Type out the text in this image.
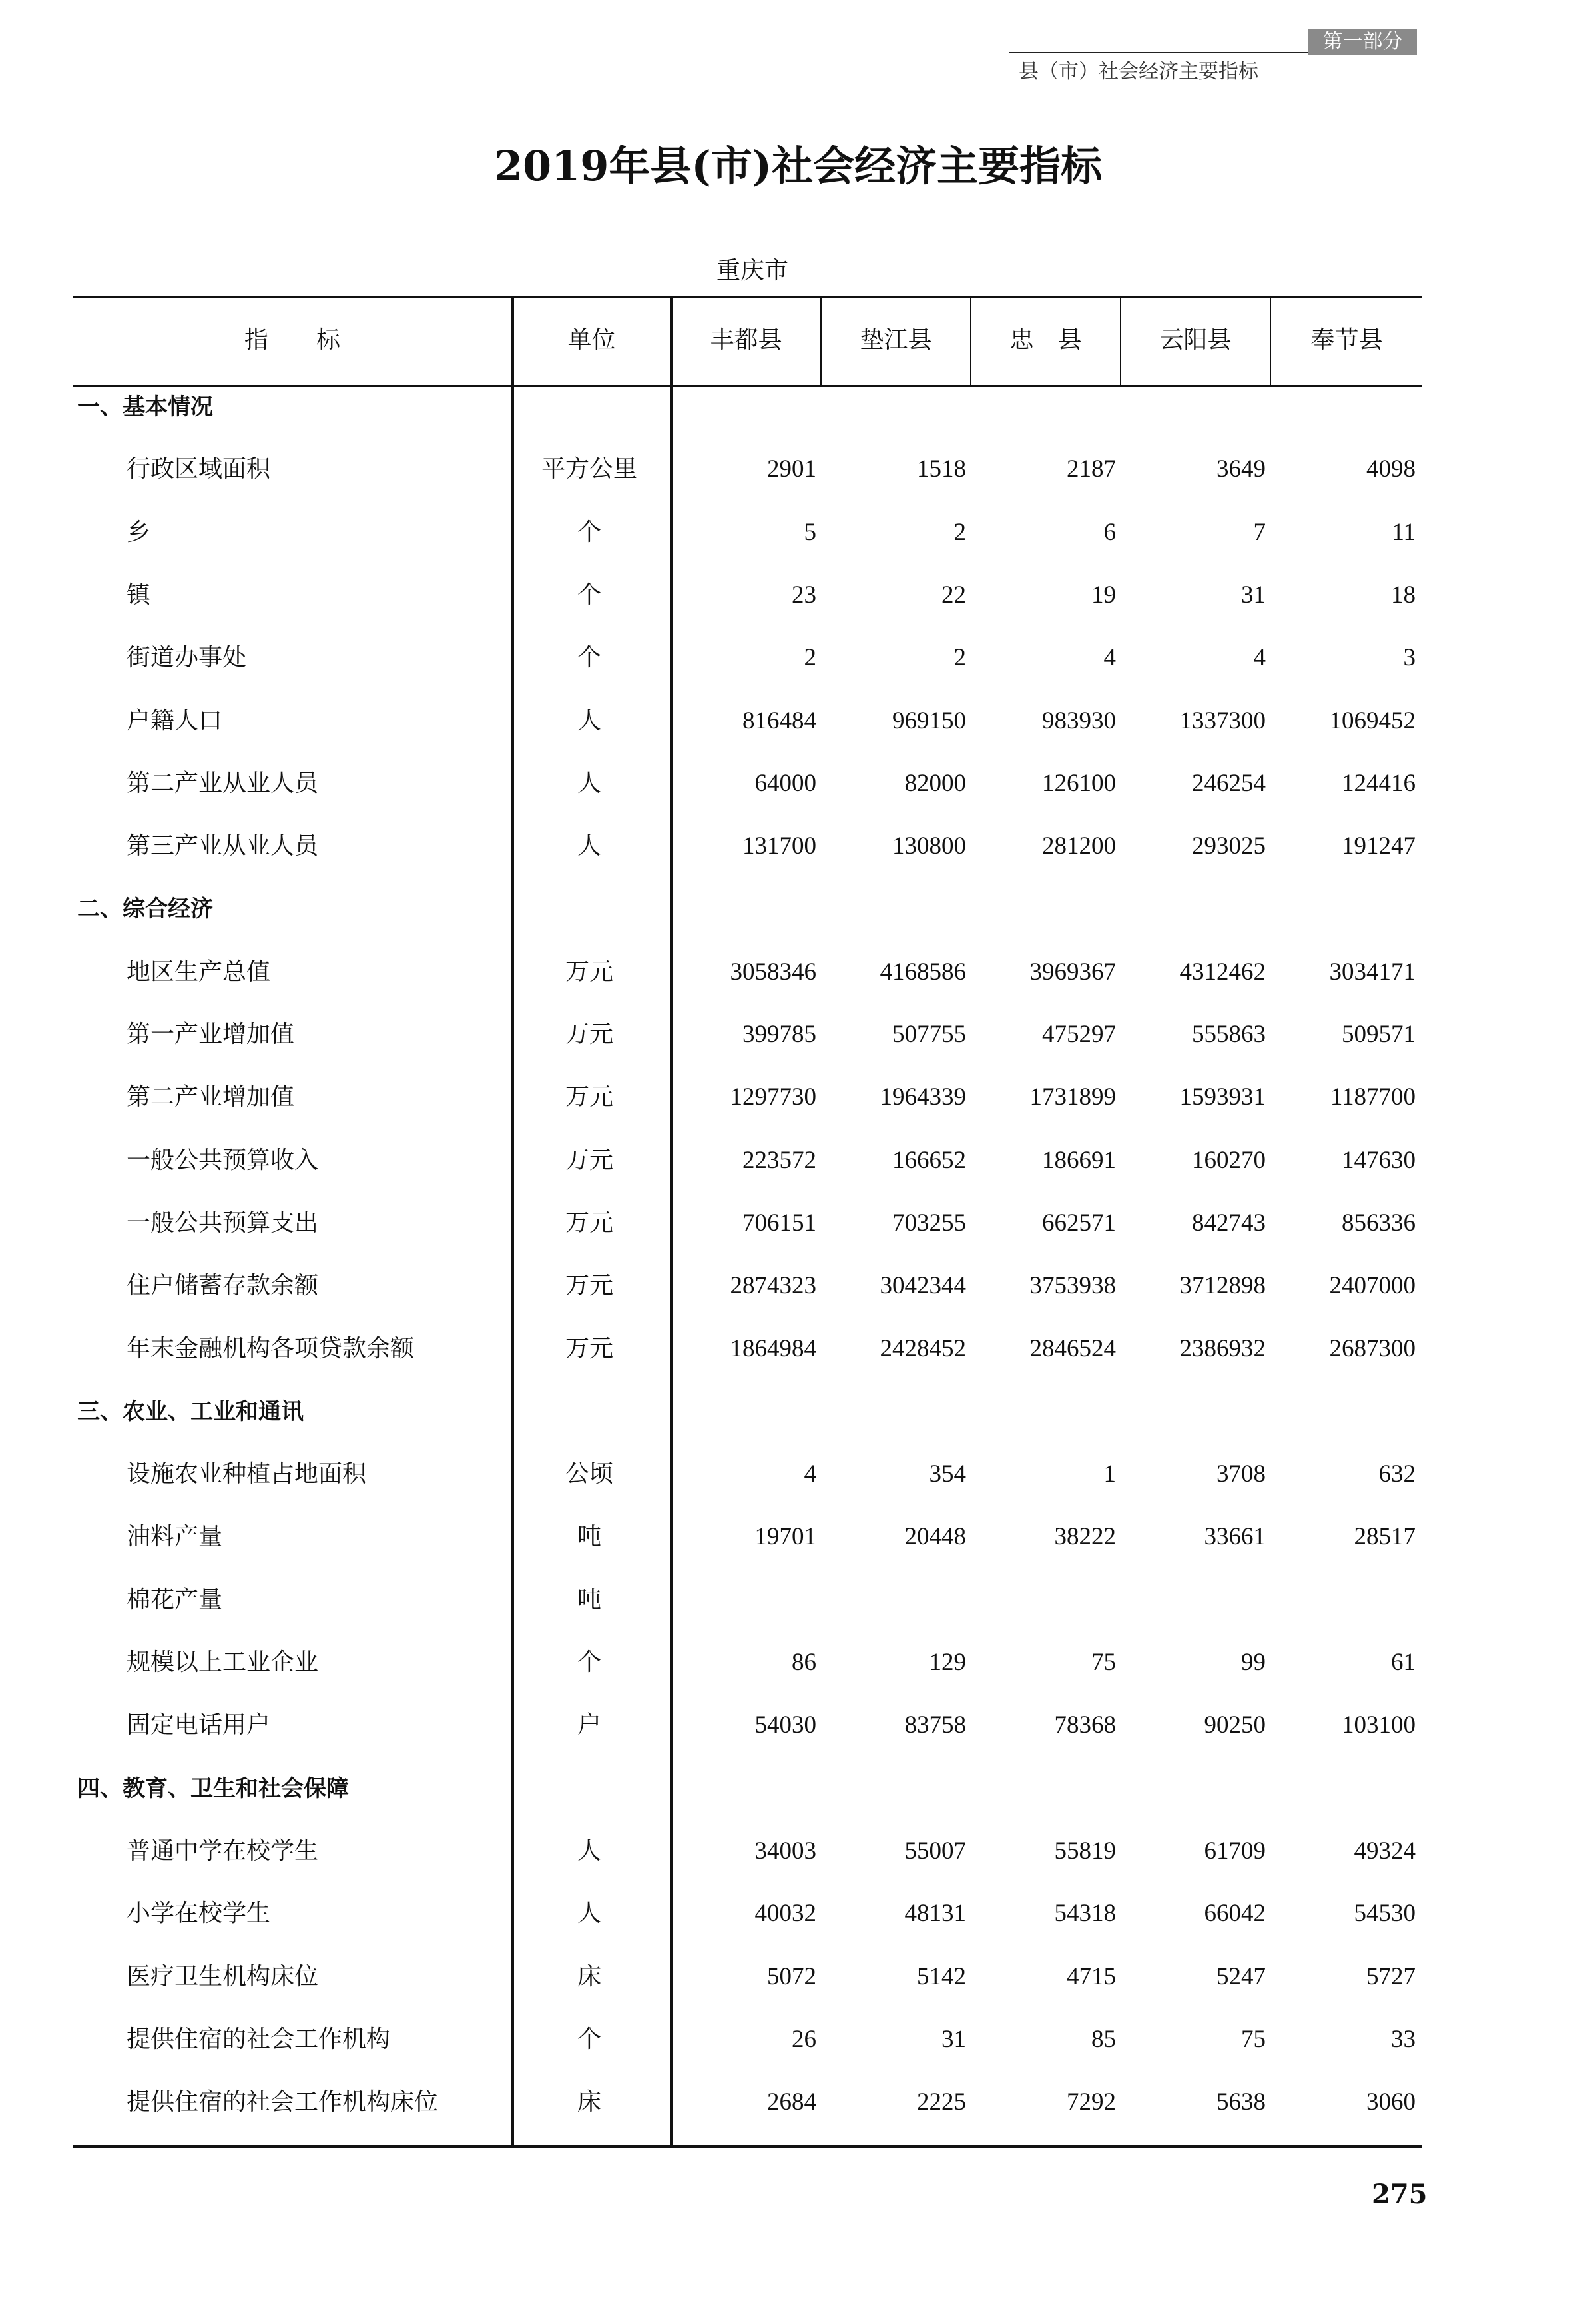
第一部分
县（市）社会经济主要指标
2019年县(市)社会经济主要指标
重庆市
指　　标	单位	丰都县	垫江县	忠　县	云阳县	奉节县
一、基本情况
行政区域面积	平方公里	2901	1518	2187	3649	4098
乡	个	5	2	6	7	11
镇	个	23	22	19	31	18
街道办事处	个	2	2	4	4	3
户籍人口	人	816484	969150	983930	1337300	1069452
第二产业从业人员	人	64000	82000	126100	246254	124416
第三产业从业人员	人	131700	130800	281200	293025	191247
二、综合经济
地区生产总值	万元	3058346	4168586	3969367	4312462	3034171
第一产业增加值	万元	399785	507755	475297	555863	509571
第二产业增加值	万元	1297730	1964339	1731899	1593931	1187700
一般公共预算收入	万元	223572	166652	186691	160270	147630
一般公共预算支出	万元	706151	703255	662571	842743	856336
住户储蓄存款余额	万元	2874323	3042344	3753938	3712898	2407000
年末金融机构各项贷款余额	万元	1864984	2428452	2846524	2386932	2687300
三、农业、工业和通讯
设施农业种植占地面积	公顷	4	354	1	3708	632
油料产量	吨	19701	20448	38222	33661	28517
棉花产量	吨
规模以上工业企业	个	86	129	75	99	61
固定电话用户	户	54030	83758	78368	90250	103100
四、教育、卫生和社会保障
普通中学在校学生	人	34003	55007	55819	61709	49324
小学在校学生	人	40032	48131	54318	66042	54530
医疗卫生机构床位	床	5072	5142	4715	5247	5727
提供住宿的社会工作机构	个	26	31	85	75	33
提供住宿的社会工作机构床位	床	2684	2225	7292	5638	3060
275
